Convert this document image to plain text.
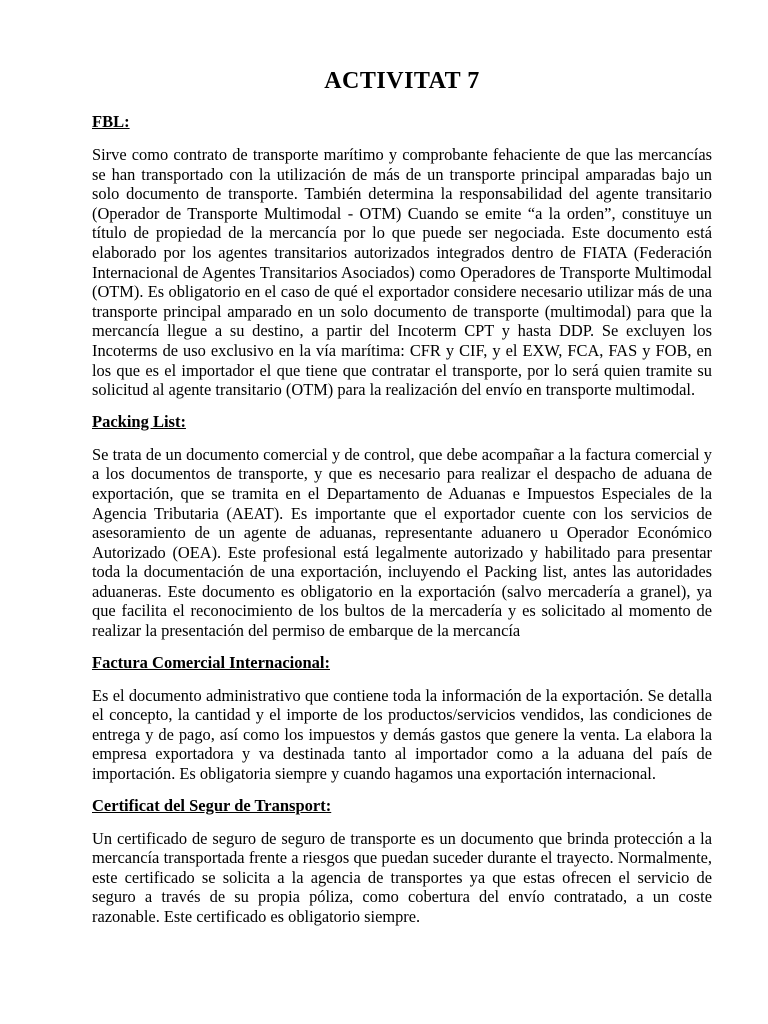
ACTIVITAT 7
FBL:

Sirve como contrato de transporte marítimo y comprobante fehaciente de que las mercancías se han transportado con la utilización de más de un transporte principal amparadas bajo un solo documento de transporte. También determina la responsabilidad del agente transitario (Operador de Transporte Multimodal - OTM) Cuando se emite “a la orden”, constituye un título de propiedad de la mercancía por lo que puede ser negociada. Este documento está elaborado por los agentes transitarios autorizados integrados dentro de FIATA (Federación Internacional de Agentes Transitarios Asociados) como Operadores de Transporte Multimodal (OTM). Es obligatorio en el caso de qué el exportador considere necesario utilizar más de una transporte principal amparado en un solo documento de transporte (multimodal) para que la mercancía llegue a su destino, a partir del Incoterm CPT y hasta DDP. Se excluyen los Incoterms de uso exclusivo en la vía marítima: CFR y CIF, y el EXW, FCA, FAS y FOB, en los que es el importador el que tiene que contratar el transporte, por lo será quien tramite su solicitud al agente transitario (OTM) para la realización del envío en transporte multimodal.

Packing List:

Se trata de un documento comercial y de control, que debe acompañar a la factura comercial y a los documentos de transporte, y que es necesario para realizar el despacho de aduana de exportación, que se tramita en el Departamento de Aduanas e Impuestos Especiales de la Agencia Tributaria (AEAT). Es importante que el exportador cuente con los servicios de asesoramiento de un agente de aduanas, representante aduanero u Operador Económico Autorizado (OEA). Este profesional está legalmente autorizado y habilitado para presentar toda la documentación de una exportación, incluyendo el Packing list, antes las autoridades aduaneras. Este documento es obligatorio en la exportación (salvo mercadería a granel), ya que facilita el reconocimiento de los bultos de la mercadería y es solicitado al momento de realizar la presentación del permiso de embarque de la mercancía

Factura Comercial Internacional:

Es el documento administrativo que contiene toda la información de la exportación. Se detalla el concepto, la cantidad y el importe de los productos/servicios vendidos, las condiciones de entrega y de pago, así como los impuestos y demás gastos que genere la venta. La elabora la empresa exportadora y va destinada tanto al importador como a la aduana del país de importación. Es obligatoria siempre y cuando hagamos una exportación internacional.

Certificat del Segur de Transport:

Un certificado de seguro de seguro de transporte es un documento que brinda protección a la mercancía transportada frente a riesgos que puedan suceder durante el trayecto. Normalmente, este certificado se solicita a la agencia de transportes ya que estas ofrecen el servicio de seguro a través de su propia póliza, como cobertura del envío contratado, a un coste razonable. Este certificado es obligatorio siempre.
